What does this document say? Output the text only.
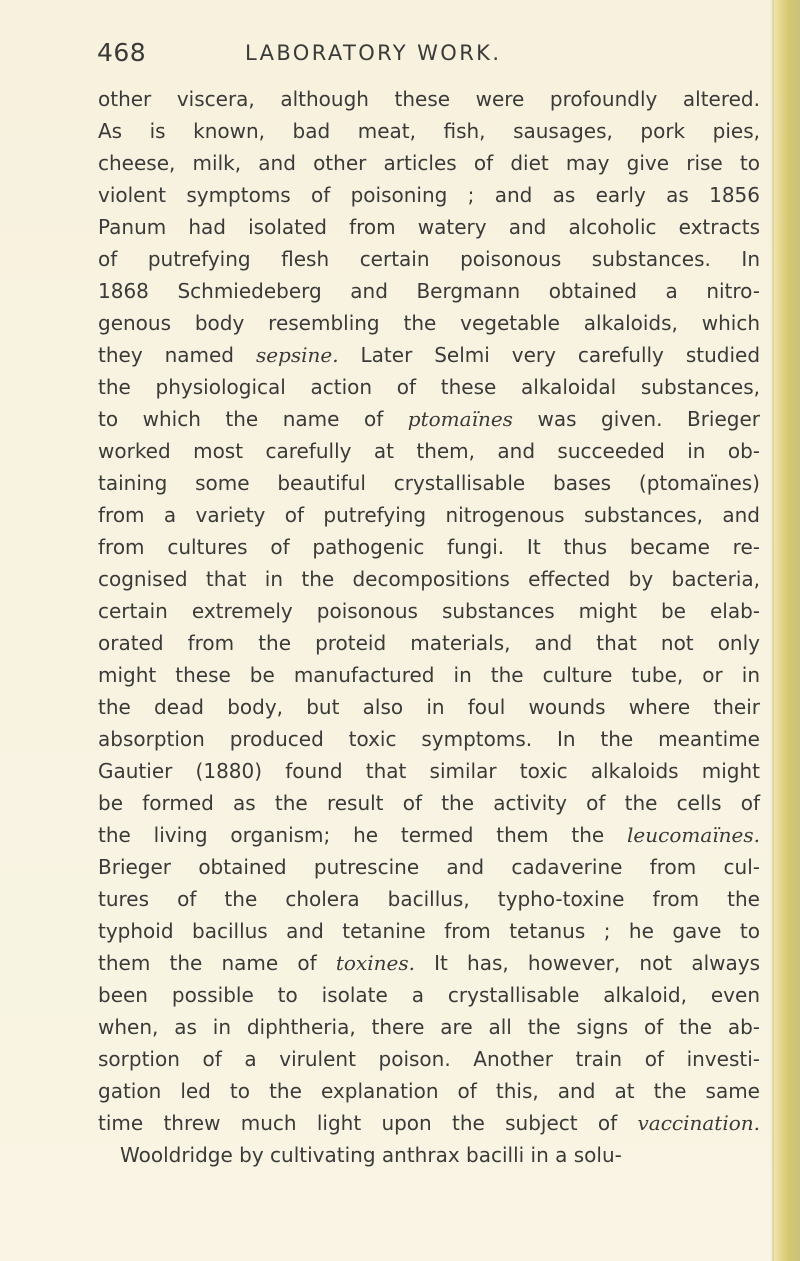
468	LABORATORY WORK.
other viscera, although these were profoundly altered.
As is known, bad meat, fish, sausages, pork pies,
cheese, milk, and other articles of diet may give rise to
violent symptoms of poisoning ; and as early as 1856
Panum had isolated from watery and alcoholic extracts
of putrefying flesh certain poisonous substances. In
1868 Schmiedeberg and Bergmann obtained a nitro-
genous body resembling the vegetable alkaloids, which
they named sepsine. Later Selmi very carefully studied
the physiological action of these alkaloidal substances,
to which the name of ptomaïnes was given. Brieger
worked most carefully at them, and succeeded in ob-
taining some beautiful crystallisable bases (ptomaïnes)
from a variety of putrefying nitrogenous substances, and
from cultures of pathogenic fungi. It thus became re-
cognised that in the decompositions effected by bacteria,
certain extremely poisonous substances might be elab-
orated from the proteid materials, and that not only
might these be manufactured in the culture tube, or in
the dead body, but also in foul wounds where their
absorption produced toxic symptoms. In the meantime
Gautier (1880) found that similar toxic alkaloids might
be formed as the result of the activity of the cells of
the living organism; he termed them the leucomaïnes.
Brieger obtained putrescine and cadaverine from cul-
tures of the cholera bacillus, typho-toxine from the
typhoid bacillus and tetanine from tetanus ; he gave to
them the name of toxines. It has, however, not always
been possible to isolate a crystallisable alkaloid, even
when, as in diphtheria, there are all the signs of the ab-
sorption of a virulent poison. Another train of investi-
gation led to the explanation of this, and at the same
time threw much light upon the subject of vaccination.
Wooldridge by cultivating anthrax bacilli in a solu-
